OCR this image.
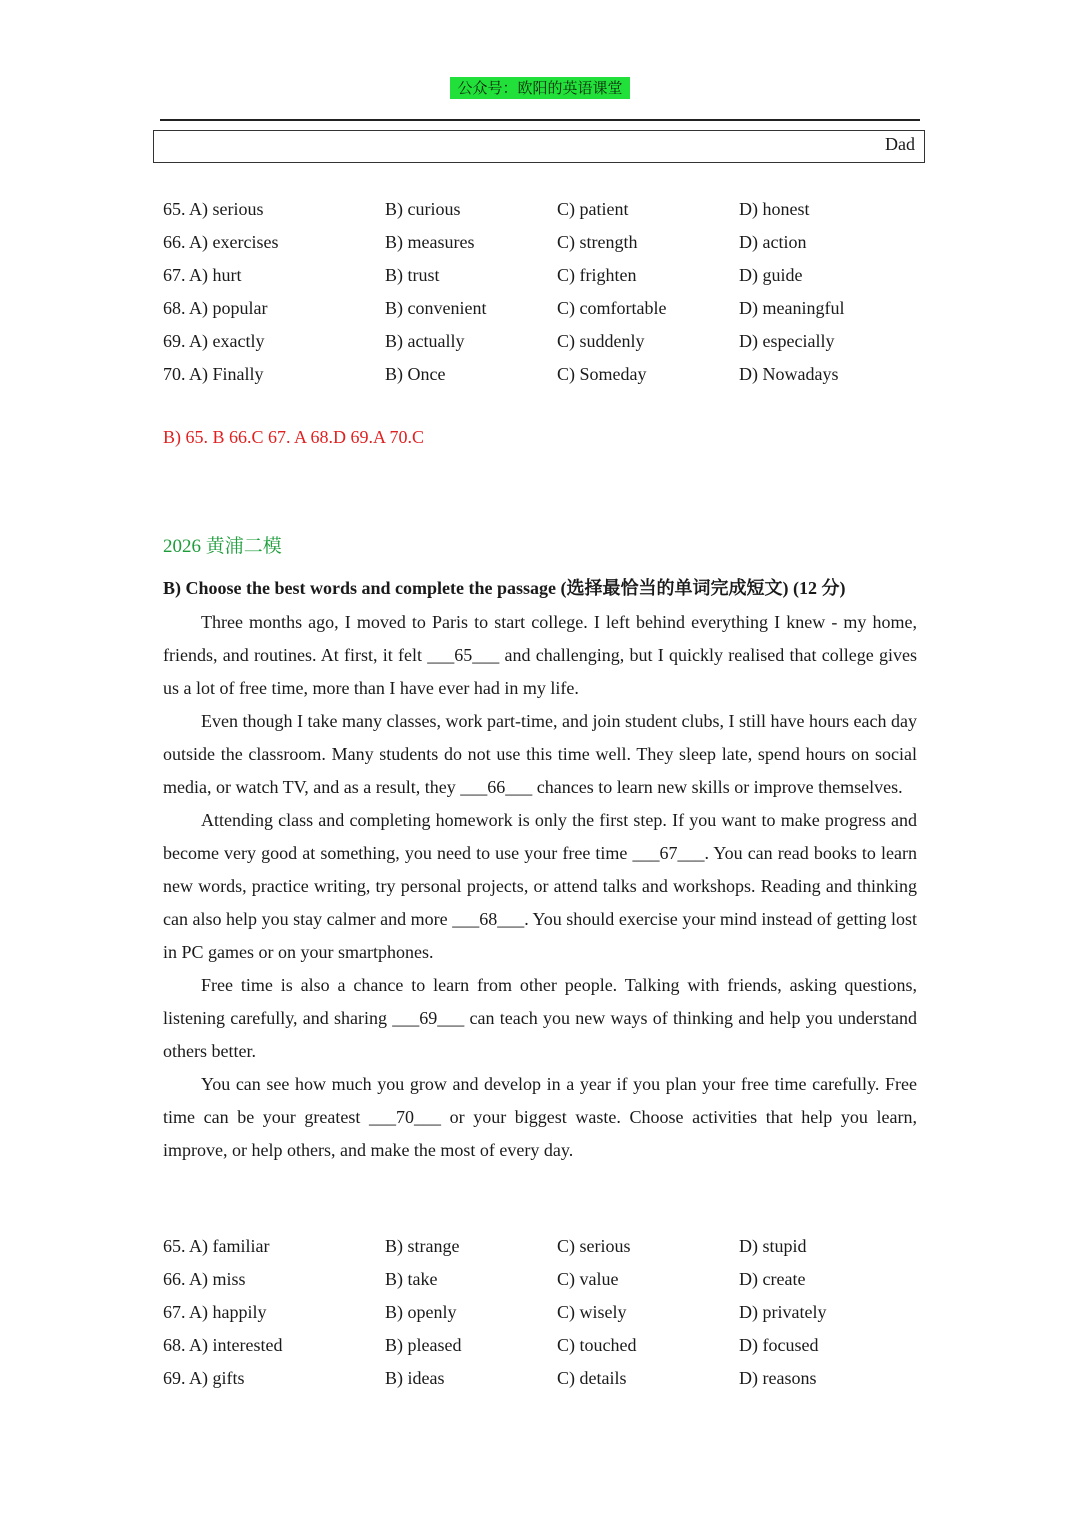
公众号：欧阳的英语课堂
Dad
65. A) serious	B) curious	C) patient	D) honest
66. A) exercises	B) measures	C) strength	D) action
67. A) hurt	B) trust	C) frighten	D) guide
68. A) popular	B) convenient	C) comfortable	D) meaningful
69. A) exactly	B) actually	C) suddenly	D) especially
70. A) Finally	B) Once	C) Someday	D) Nowadays
B) 65. B 66.C 67. A 68.D 69.A 70.C
2026 黄浦二模
B) Choose the best words and complete the passage (选择最恰当的单词完成短文) (12 分)

Three months ago, I moved to Paris to start college. I left behind everything I knew - my home, friends, and routines. At first, it felt ___65___ and challenging, but I quickly realised that college gives us a lot of free time, more than I have ever had in my life.

Even though I take many classes, work part-time, and join student clubs, I still have hours each day outside the classroom. Many students do not use this time well. They sleep late, spend hours on social media, or watch TV, and as a result, they ___66___ chances to learn new skills or improve themselves.

Attending class and completing homework is only the first step. If you want to make progress and become very good at something, you need to use your free time ___67___. You can read books to learn new words, practice writing, try personal projects, or attend talks and workshops. Reading and thinking can also help you stay calmer and more ___68___. You should exercise your mind instead of getting lost in PC games or on your smartphones.

Free time is also a chance to learn from other people. Talking with friends, asking questions, listening carefully, and sharing ___69___ can teach you new ways of thinking and help you understand others better.

You can see how much you grow and develop in a year if you plan your free time carefully. Free time can be your greatest ___70___ or your biggest waste. Choose activities that help you learn, improve, or help others, and make the most of every day.

65. A) familiar	B) strange	C) serious	D) stupid
66. A) miss	B) take	C) value	D) create
67. A) happily	B) openly	C) wisely	D) privately
68. A) interested	B) pleased	C) touched	D) focused
69. A) gifts	B) ideas	C) details	D) reasons
